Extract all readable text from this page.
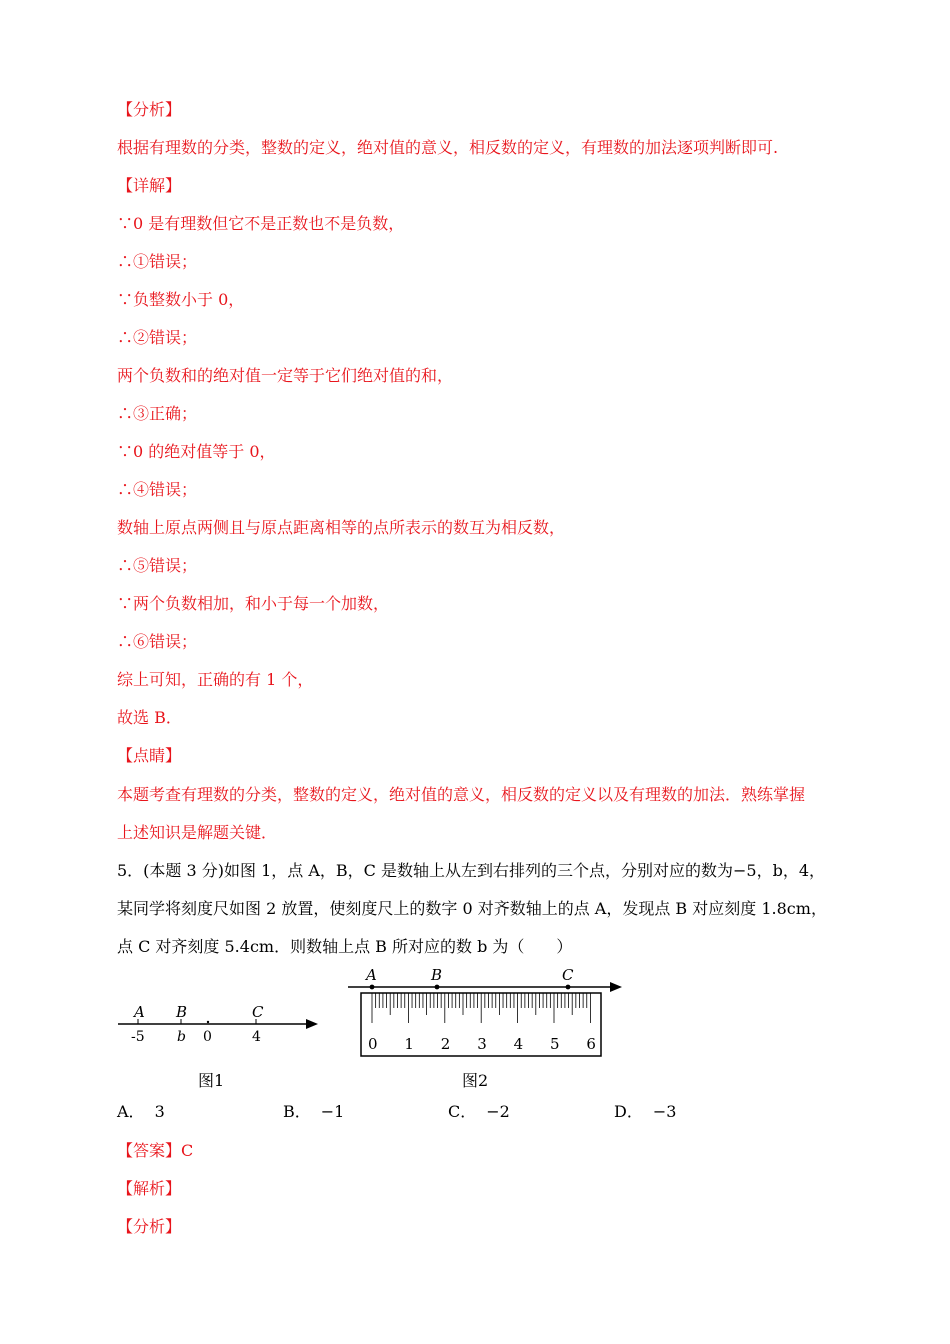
【分析】
根据有理数的分类，整数的定义，绝对值的意义，相反数的定义，有理数的加法逐项判断即可.
【详解】
∵0 是有理数但它不是正数也不是负数，
∴①错误；
∵负整数小于 0，
∴②错误；
两个负数和的绝对值一定等于它们绝对值的和，
∴③正确；
∵0 的绝对值等于 0，
∴④错误；
数轴上原点两侧且与原点距离相等的点所表示的数互为相反数，
∴⑤错误；
∵两个负数相加，和小于每一个加数，
∴⑥错误；
综上可知，正确的有 1 个，
故选 B．
【点睛】
本题考查有理数的分类，整数的定义，绝对值的意义，相反数的定义以及有理数的加法．熟练掌握
上述知识是解题关键．
5．(本题 3 分)如图 1，点 A，B，C 是数轴上从左到右排列的三个点，分别对应的数为−5，b，4，
某同学将刻度尺如图 2 放置，使刻度尺上的数字 0 对齐数轴上的点 A，发现点 B 对应刻度 1.8cm，
点 C 对齐刻度 5.4cm．则数轴上点 B 所对应的数 b 为（　　）
A B	C
-5 b 0	4
图1
0 1 2 3 4 5 6
A	B	C
图2
A． 3	B． −1	C． −2	D． −3
【答案】C
【解析】
【分析】
